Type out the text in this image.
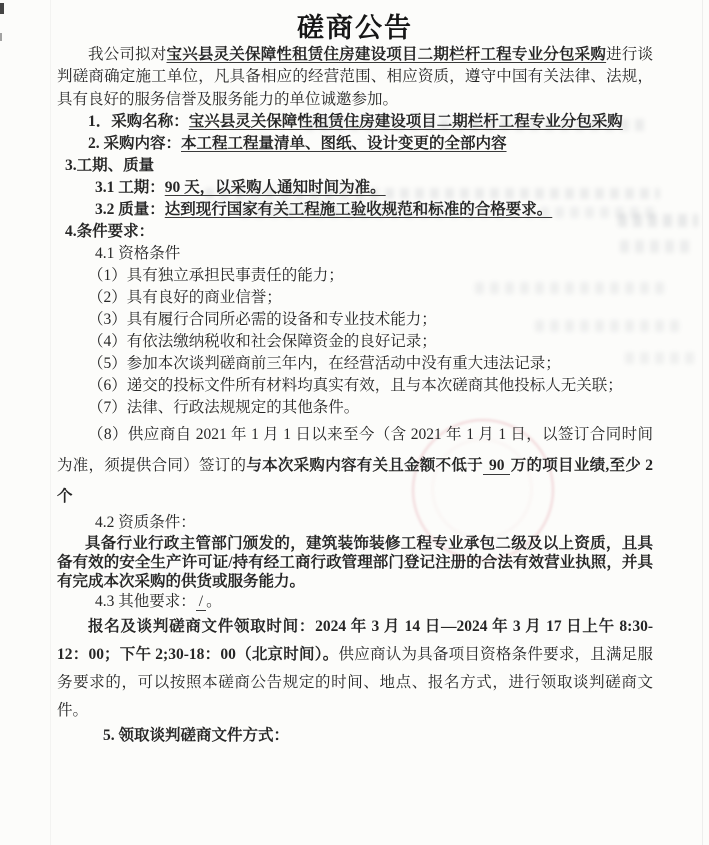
磋商公告

我公司拟对宝兴县灵关保障性租赁住房建设项目二期栏杆工程专业分包采购进行谈判磋商确定施工单位，凡具备相应的经营范围、相应资质，遵守中国有关法律、法规，具有良好的服务信誉及服务能力的单位诚邀参加。

1．采购名称：宝兴县灵关保障性租赁住房建设项目二期栏杆工程专业分包采购

2. 采购内容：本工程工程量清单、图纸、设计变更的全部内容

3.工期、质量

3.1 工期：90 天，以采购人通知时间为准。

3.2 质量：达到现行国家有关工程施工验收规范和标准的合格要求。

4.条件要求：

4.1 资格条件

（1）具有独立承担民事责任的能力；

（2）具有良好的商业信誉；

（3）具有履行合同所必需的设备和专业技术能力；

（4）有依法缴纳税收和社会保障资金的良好记录；

（5）参加本次谈判磋商前三年内，在经营活动中没有重大违法记录；

（6）递交的投标文件所有材料均真实有效，且与本次磋商其他投标人无关联；

（7）法律、行政法规规定的其他条件。

（8）供应商自 2021 年 1 月 1 日以来至今（含 2021 年 1 月 1 日，以签订合同时间为准，须提供合同）签订的与本次采购内容有关且金额不低于 90 万的项目业绩,至少 2 个

4.2 资质条件：

具备行业行政主管部门颁发的，建筑装饰装修工程专业承包二级及以上资质，且具备有效的安全生产许可证/持有经工商行政管理部门登记注册的合法有效营业执照，并具有完成本次采购的供货或服务能力。

4.3 其他要求： / 。

报名及谈判磋商文件领取时间：2024 年 3 月 14 日—2024 年 3 月 17 日上午 8:30-12：00；下午 2;30-18：00（北京时间）。供应商认为具备项目资格条件要求，且满足服务要求的，可以按照本磋商公告规定的时间、地点、报名方式，进行领取谈判磋商文件。

5. 领取谈判磋商文件方式：
